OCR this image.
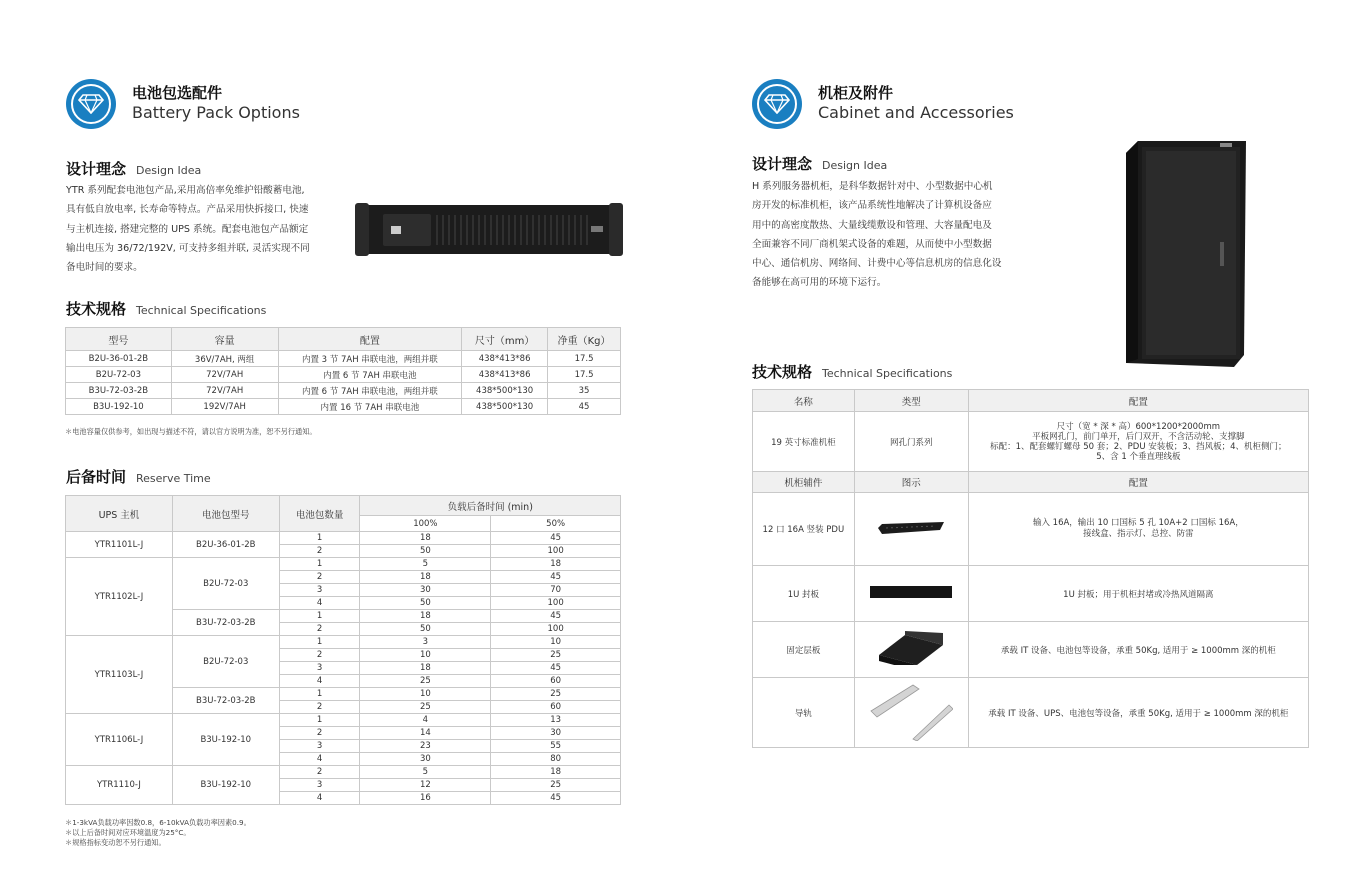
电池包选配件
Battery Pack Options
设计理念 Design Idea
YTR 系列配套电池包产品,采用高倍率免维护铅酸蓄电池,
具有低自放电率, 长寿命等特点。产品采用快拆接口, 快速
与主机连接, 搭建完整的 UPS 系统。配套电池包产品额定
输出电压为 36/72/192V, 可支持多组并联, 灵活实现不同
备电时间的要求。
技术规格 Technical Specifications
型号	容量	配置	尺寸（mm）	净重（Kg）
B2U-36-01-2B	36V/7AH, 两组	内置 3 节 7AH 串联电池，两组并联	438*413*86	17.5
B2U-72-03	72V/7AH	内置 6 节 7AH 串联电池	438*413*86	17.5
B3U-72-03-2B	72V/7AH	内置 6 节 7AH 串联电池，两组并联	438*500*130	35
B3U-192-10	192V/7AH	内置 16 节 7AH 串联电池	438*500*130	45
＊电池容量仅供参考，如出现与描述不符，请以官方说明为准，恕不另行通知。
后备时间 Reserve Time
UPS 主机	电池包型号	电池包数量	负载后备时间 (min)	
			100%	50%
YTR1101L-J	B2U-36-01-2B	1	18	45
		2	50	100
YTR1102L-J	B2U-72-03	1	5	18
		2	18	45
		3	30	70
		4	50	100
	B3U-72-03-2B	1	18	45
		2	50	100
YTR1103L-J	B2U-72-03	1	3	10
		2	10	25
		3	18	45
		4	25	60
	B3U-72-03-2B	1	10	25
		2	25	60
YTR1106L-J	B3U-192-10	1	4	13
		2	14	30
		3	23	55
		4	30	80
YTR1110-J	B3U-192-10	2	5	18
		3	12	25
		4	16	45
＊1-3kVA负载功率因数0.8，6-10kVA负载功率因素0.9。
＊以上后备时间对应环境温度为25°C。
＊规格指标变动恕不另行通知。
机柜及附件
Cabinet and Accessories
设计理念 Design Idea
H 系列服务器机柜，是科华数据针对中、小型数据中心机
房开发的标准机柜，该产品系统性地解决了计算机设备应
用中的高密度散热、大量线缆敷设和管理、大容量配电及
全面兼容不同厂商机架式设备的难题，从而使中小型数据
中心、通信机房、网络间、计费中心等信息机房的信息化设
备能够在高可用的环境下运行。
技术规格 Technical Specifications
名称	类型	配置
19 英寸标准机柜	网孔门系列	尺寸（宽 * 深 * 高）600*1200*2000mm
平板网孔门，前门单开，后门双开，不含活动轮、支撑脚
标配：1、配套螺钉螺母 50 套；2、PDU 安装板；3、挡风板；4、机柜侧门；
5、含 1 个垂直理线板

机柜辅件	图示	配置
12 口 16A 竖装 PDU		输入 16A，输出 10 口国标 5 孔 10A+2 口国标 16A，
接线盒、指示灯、总控、防雷

1U 封板		1U 封板；用于机柜封堵或冷热风道隔离

固定层板		承载 IT 设备、电池包等设备，承重 50Kg, 适用于 ≥ 1000mm 深的机柜

导轨		承载 IT 设备、UPS、电池包等设备，承重 50Kg, 适用于 ≥ 1000mm 深的机柜
